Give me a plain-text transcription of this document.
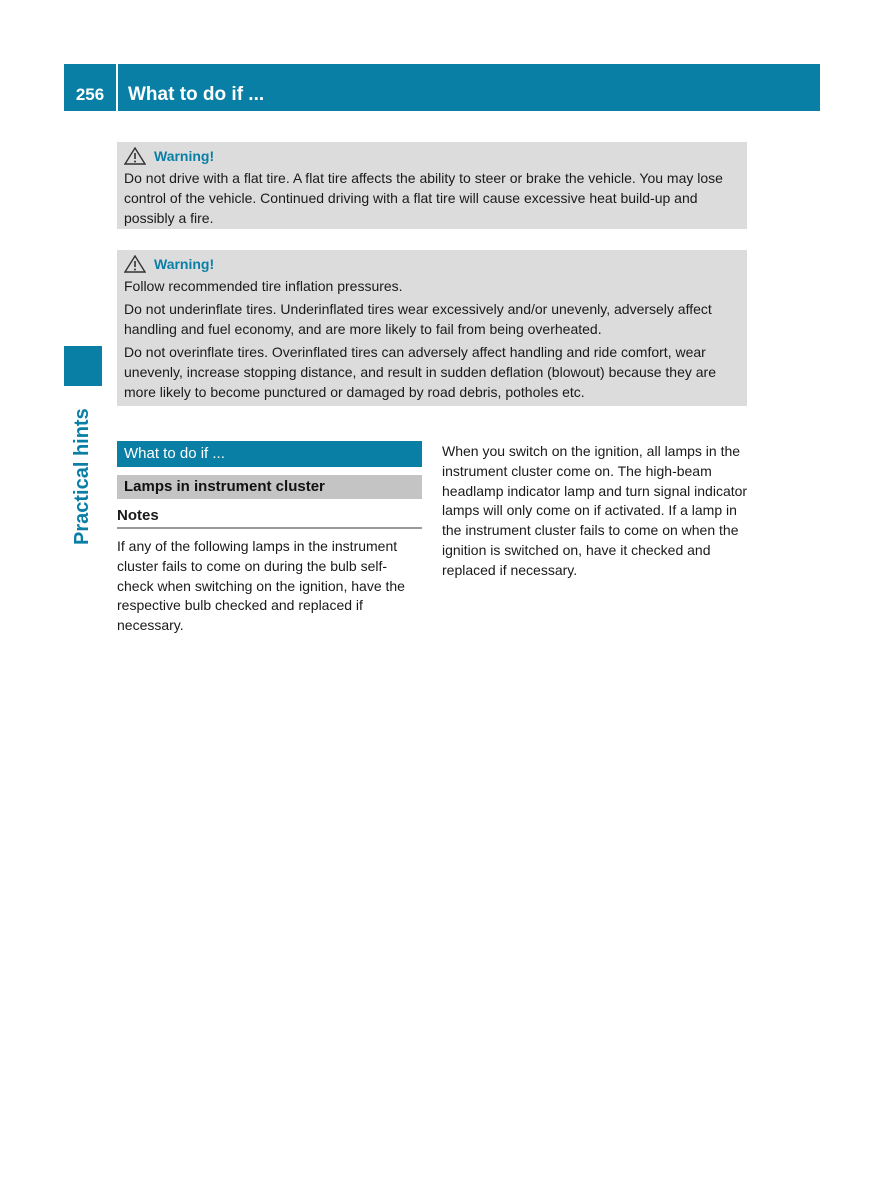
256	What to do if ...
Practical hints
Warning!

Do not drive with a flat tire. A flat tire affects the ability to steer or brake the vehicle. You may lose control of the vehicle. Continued driving with a flat tire will cause excessive heat build-up and possibly a fire.

Warning!

Follow recommended tire inflation pressures.

Do not underinflate tires. Underinflated tires wear excessively and/or unevenly, adversely affect handling and fuel economy, and are more likely to fail from being overheated.

Do not overinflate tires. Overinflated tires can adversely affect handling and ride comfort, wear unevenly, increase stopping distance, and result in sudden deflation (blowout) because they are more likely to become punctured or damaged by road debris, potholes etc.

What to do if ...
Lamps in instrument cluster
Notes

If any of the following lamps in the instrument cluster fails to come on during the bulb self-check when switching on the ignition, have the respective bulb checked and replaced if necessary.

When you switch on the ignition, all lamps in the instrument cluster come on. The high-beam headlamp indicator lamp and turn signal indicator lamps will only come on if activated. If a lamp in the instrument cluster fails to come on when the ignition is switched on, have it checked and replaced if necessary.
